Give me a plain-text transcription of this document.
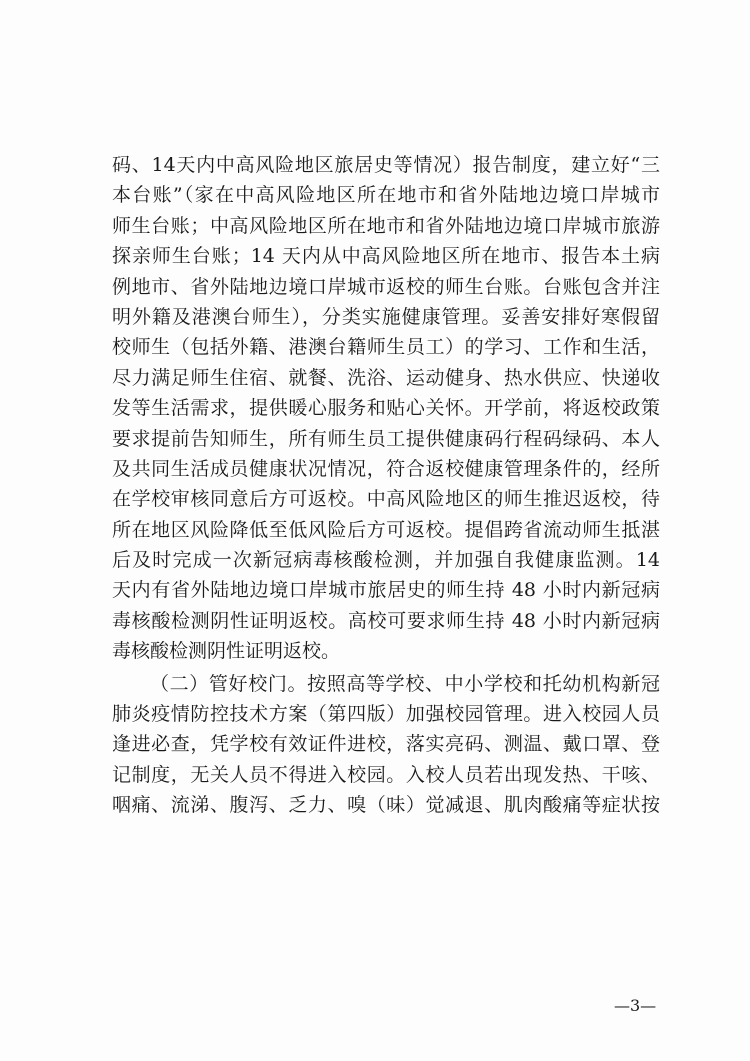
码、14天内中高风险地区旅居史等情况）报告制度，建立好“三
本台账”（家在中高风险地区所在地市和省外陆地边境口岸城市
师生台账；中高风险地区所在地市和省外陆地边境口岸城市旅游
探亲师生台账；14 天内从中高风险地区所在地市、报告本土病
例地市、省外陆地边境口岸城市返校的师生台账。台账包含并注
明外籍及港澳台师生），分类实施健康管理。妥善安排好寒假留
校师生（包括外籍、港澳台籍师生员工）的学习、工作和生活，
尽力满足师生住宿、就餐、洗浴、运动健身、热水供应、快递收
发等生活需求，提供暖心服务和贴心关怀。开学前，将返校政策
要求提前告知师生，所有师生员工提供健康码行程码绿码、本人
及共同生活成员健康状况情况，符合返校健康管理条件的，经所
在学校审核同意后方可返校。中高风险地区的师生推迟返校，待
所在地区风险降低至低风险后方可返校。提倡跨省流动师生抵湛
后及时完成一次新冠病毒核酸检测，并加强自我健康监测。14
天内有省外陆地边境口岸城市旅居史的师生持 48 小时内新冠病
毒核酸检测阴性证明返校。高校可要求师生持 48 小时内新冠病
毒核酸检测阴性证明返校。
（二）管好校门。按照高等学校、中小学校和托幼机构新冠
肺炎疫情防控技术方案（第四版）加强校园管理。进入校园人员
逢进必查，凭学校有效证件进校，落实亮码、测温、戴口罩、登
记制度，无关人员不得进入校园。入校人员若出现发热、干咳、
咽痛、流涕、腹泻、乏力、嗅（味）觉减退、肌肉酸痛等症状按
—3—
